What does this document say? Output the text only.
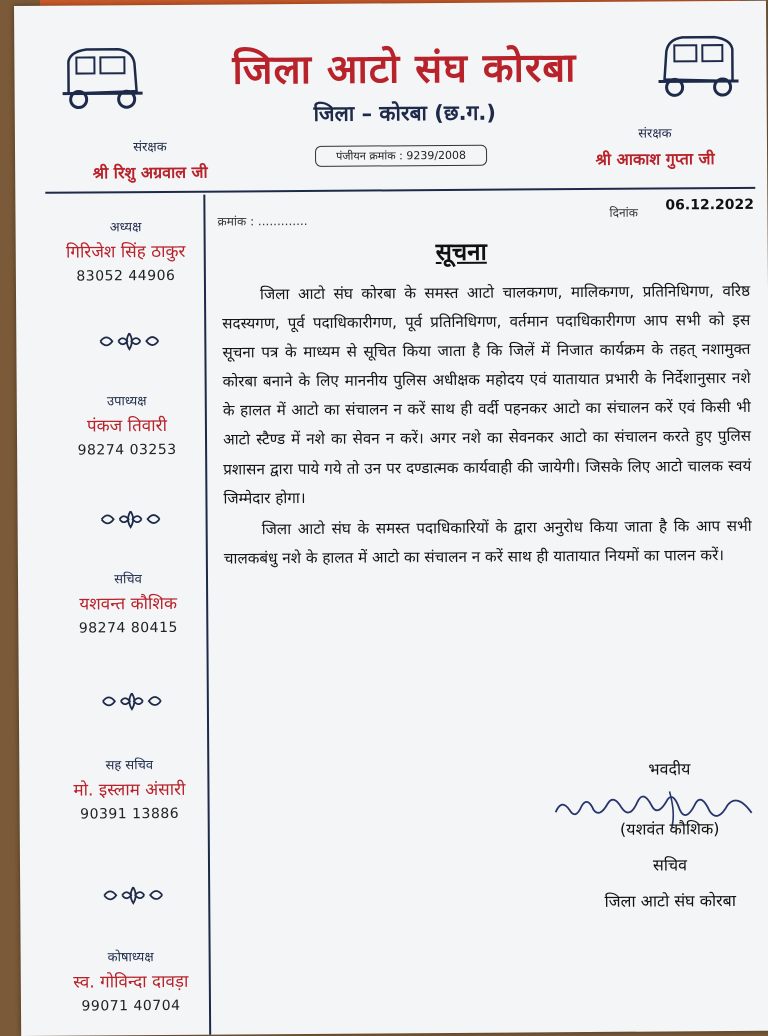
जिला आटो संघ कोरबा
जिला – कोरबा (छ.ग.)
पंजीयन क्रमांक : 9239/2008
संरक्षक
श्री रिशु अग्रवाल जी
संरक्षक
श्री आकाश गुप्ता जी
अध्यक्ष
गिरिजेश सिंह ठाकुर
83052 44906
उपाध्यक्ष
पंकज तिवारी
98274 03253
सचिव
यशवन्त कौशिक
98274 80415
सह सचिव
मो. इस्लाम अंसारी
90391 13886
कोषाध्यक्ष
स्व. गोविन्दा दावड़ा
99071 40704
क्रमांक : .............
दिनांक 06.12.2022
सूचना

जिला आटो संघ कोरबा के समस्त आटो चालकगण, मालिकगण, प्रतिनिधिगण, वरिष्ठ सदस्यगण, पूर्व पदाधिकारीगण, पूर्व प्रतिनिधिगण, वर्तमान पदाधिकारीगण आप सभी को इस सूचना पत्र के माध्यम से सूचित किया जाता है कि जिलें में निजात कार्यक्रम के तहत् नशामुक्त कोरबा बनाने के लिए माननीय पुलिस अधीक्षक महोदय एवं यातायात प्रभारी के निर्देशानुसार नशे के हालत में आटो का संचालन न करें साथ ही वर्दी पहनकर आटो का संचालन करें एवं किसी भी आटो स्टैण्ड में नशे का सेवन न करें। अगर नशे का सेवनकर आटो का संचालन करते हुए पुलिस प्रशासन द्वारा पाये गये तो उन पर दण्डात्मक कार्यवाही की जायेगी। जिसके लिए आटो चालक स्वयं जिम्मेदार होगा।

जिला आटो संघ के समस्त पदाधिकारियों के द्वारा अनुरोध किया जाता है कि आप सभी चालकबंधु नशे के हालत में आटो का संचालन न करें साथ ही यातायात नियमों का पालन करें।

भवदीय
(यशवंत कौशिक)
सचिव
जिला आटो संघ कोरबा
